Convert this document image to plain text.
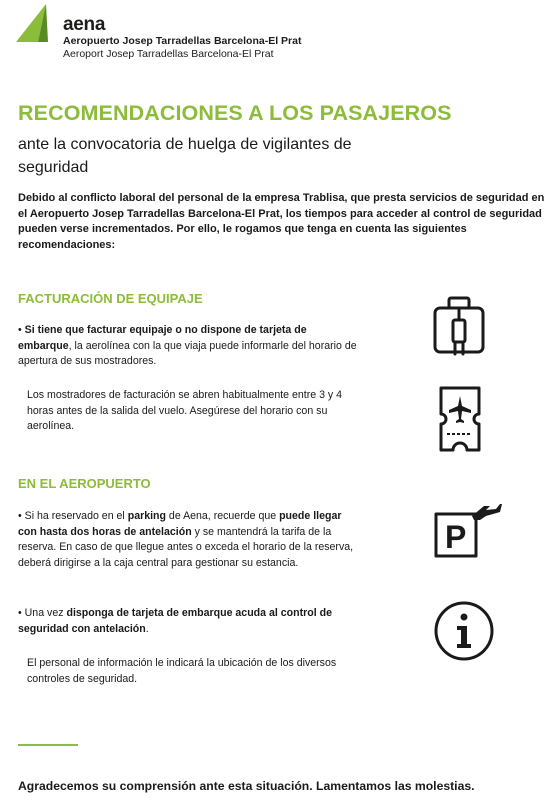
aena
Aeropuerto Josep Tarradellas Barcelona-El Prat
Aeroport Josep Tarradellas Barcelona-El Prat
RECOMENDACIONES A LOS PASAJEROS
ante la convocatoria de huelga de vigilantes de seguridad
Debido al conflicto laboral del personal de la empresa Trablisa, que presta servicios de seguridad en el Aeropuerto Josep Tarradellas Barcelona-El Prat, los tiempos para acceder al control de seguridad pueden verse incrementados. Por ello, le rogamos que tenga en cuenta las siguientes recomendaciones:
FACTURACIÓN DE EQUIPAJE
• Si tiene que facturar equipaje o no dispone de tarjeta de embarque, la aerolínea con la que viaja puede informarle del horario de apertura de sus mostradores.
Los mostradores de facturación se abren habitualmente entre 3 y 4 horas antes de la salida del vuelo. Asegúrese del horario con su aerolínea.
EN EL AEROPUERTO
• Si ha reservado en el parking de Aena, recuerde que puede llegar con hasta dos horas de antelación y se mantendrá la tarifa de la reserva. En caso de que llegue antes o exceda el horario de la reserva, deberá dirigirse a la caja central para gestionar su estancia.
• Una vez disponga de tarjeta de embarque acuda al control de seguridad con antelación.
El personal de información le indicará la ubicación de los diversos controles de seguridad.
P
Agradecemos su comprensión ante esta situación. Lamentamos las molestias.
